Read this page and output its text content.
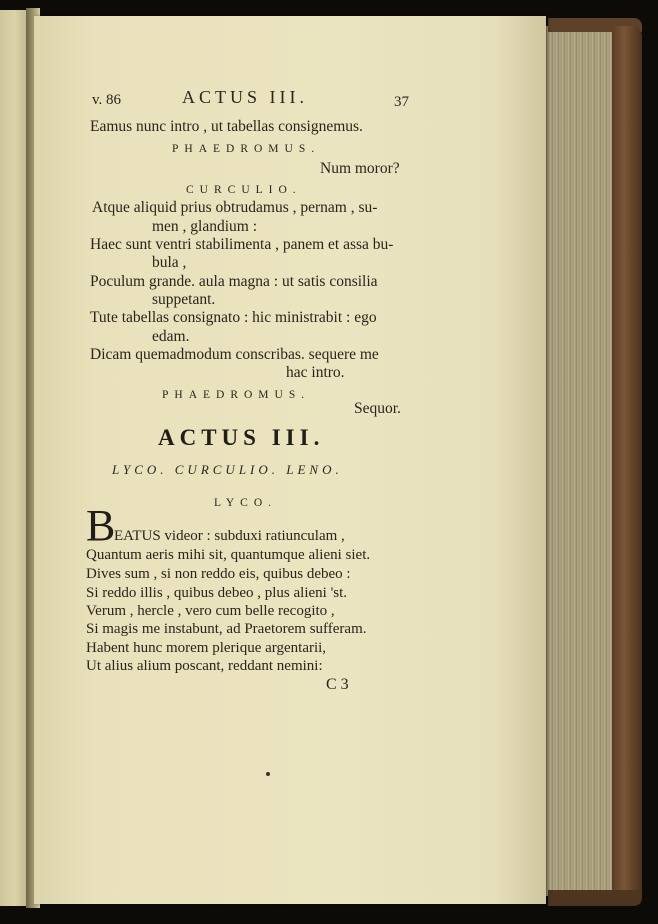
v. 86	ACTUS III.	37
Eamus nunc intro , ut tabellas consignemus.
PHAEDROMUS.
Num moror?
CURCULIO.
Atque aliquid prius obtrudamus , pernam , su-
men , glandium :
Haec sunt ventri stabilimenta , panem et assa bu-
bula ,
Poculum grande. aula magna : ut satis consilia
suppetant.
Tute tabellas consignato : hic ministrabit : ego
edam.
Dicam quemadmodum conscribas. sequere me
hac intro.
PHAEDROMUS.
Sequor.
ACTUS III.
LYCO. CURCULIO. LENO.
LYCO.
B
EATUS videor : subduxi ratiunculam ,
Quantum aeris mihi sit, quantumque alieni siet.
Dives sum , si non reddo eis, quibus debeo :
Si reddo illis , quibus debeo , plus alieni 'st.
Verum , hercle , vero cum belle recogito ,
Si magis me instabunt, ad Praetorem sufferam.
Habent hunc morem plerique argentarii,
Ut alius alium poscant, reddant nemini:
C 3
